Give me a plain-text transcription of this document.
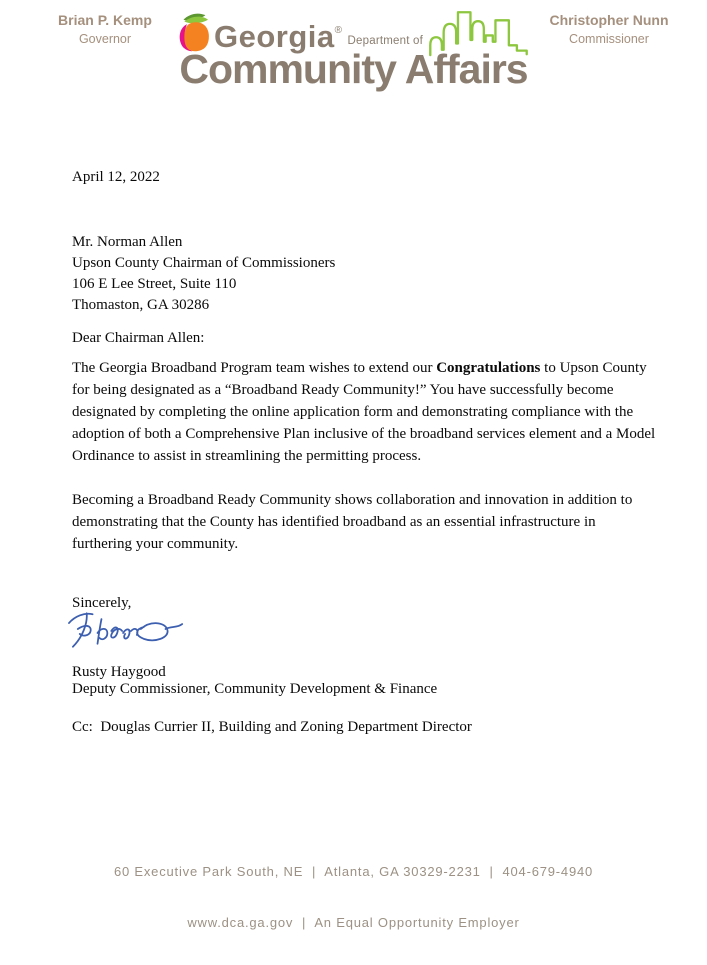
Brian P. Kemp
Governor
Christopher Nunn
Commissioner
Georgia®
Department of
Community Affairs
April 12, 2022
Mr. Norman Allen
Upson County Chairman of Commissioners
106 E Lee Street, Suite 110
Thomaston, GA 30286
Dear Chairman Allen:
The Georgia Broadband Program team wishes to extend our Congratulations to Upson County
for being designated as a “Broadband Ready Community!” You have successfully become
designated by completing the online application form and demonstrating compliance with the
adoption of both a Comprehensive Plan inclusive of the broadband services element and a Model
Ordinance to assist in streamlining the permitting process.
Becoming a Broadband Ready Community shows collaboration and innovation in addition to
demonstrating that the County has identified broadband as an essential infrastructure in
furthering your community.
Sincerely,
Rusty Haygood
Deputy Commissioner, Community Development & Finance
Cc:  Douglas Currier II, Building and Zoning Department Director

60 Executive Park South, NE  |  Atlanta, GA 30329-2231  |  404-679-4940

www.dca.ga.gov  |  An Equal Opportunity Employer
